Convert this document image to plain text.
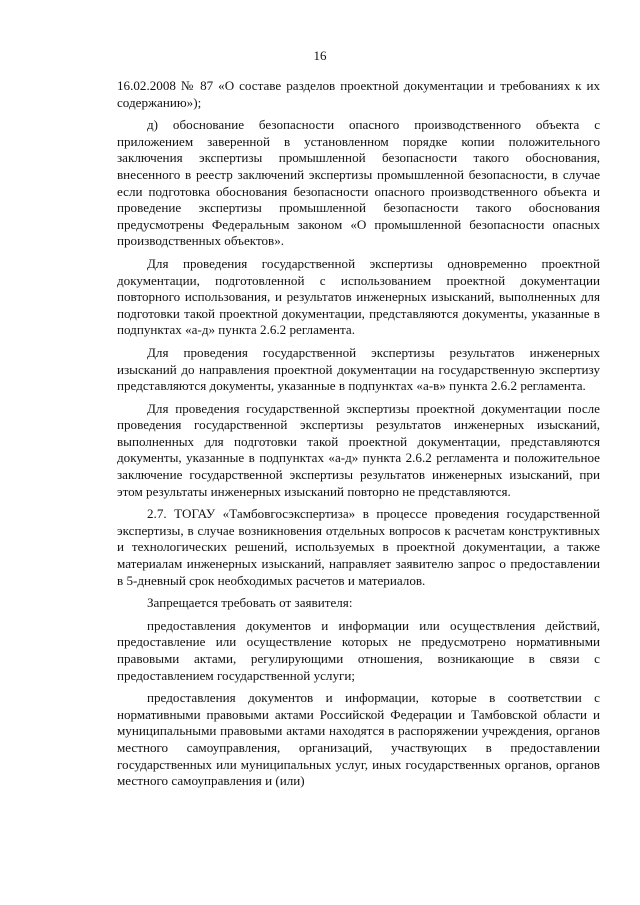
16

16.02.2008 № 87 «О составе разделов проектной документации и требованиях к их содержанию»);

д) обоснование безопасности опасного производственного объекта с приложением заверенной в установленном порядке копии положительного заключения экспертизы промышленной безопасности такого обоснования, внесенного в реестр заключений экспертизы промышленной безопасности, в случае если подготовка обоснования безопасности опасного производственного объекта и проведение экспертизы промышленной безопасности такого обоснования предусмотрены Федеральным законом «О промышленной безопасности опасных производственных объектов».

Для проведения государственной экспертизы одновременно проектной документации, подготовленной с использованием проектной документации повторного использования, и результатов инженерных изысканий, выполненных для подготовки такой проектной документации, представляются документы, указанные в подпунктах «а-д» пункта 2.6.2 регламента.

Для проведения государственной экспертизы результатов инженерных изысканий до направления проектной документации на государственную экспертизу представляются документы, указанные в подпунктах «а-в» пункта 2.6.2 регламента.

Для проведения государственной экспертизы проектной документации после проведения государственной экспертизы результатов инженерных изысканий, выполненных для подготовки такой проектной документации, представляются документы, указанные в подпунктах «а-д» пункта 2.6.2 регламента и положительное заключение государственной экспертизы результатов инженерных изысканий, при этом результаты инженерных изысканий повторно не представляются.

2.7. ТОГАУ «Тамбовгосэкспертиза» в процессе проведения государственной экспертизы, в случае возникновения отдельных вопросов к расчетам конструктивных и технологических решений, используемых в проектной документации, а также материалам инженерных изысканий, направляет заявителю запрос о предоставлении в 5-дневный срок необходимых расчетов и материалов.

Запрещается требовать от заявителя:

предоставления документов и информации или осуществления действий, предоставление или осуществление которых не предусмотрено нормативными правовыми актами, регулирующими отношения, возникающие в связи с предоставлением государственной услуги;

предоставления документов и информации, которые в соответствии с нормативными правовыми актами Российской Федерации и Тамбовской области и муниципальными правовыми актами находятся в распоряжении учреждения, органов местного самоуправления, организаций, участвующих в предоставлении государственных или муниципальных услуг, иных государственных органов, органов местного самоуправления и (или)
